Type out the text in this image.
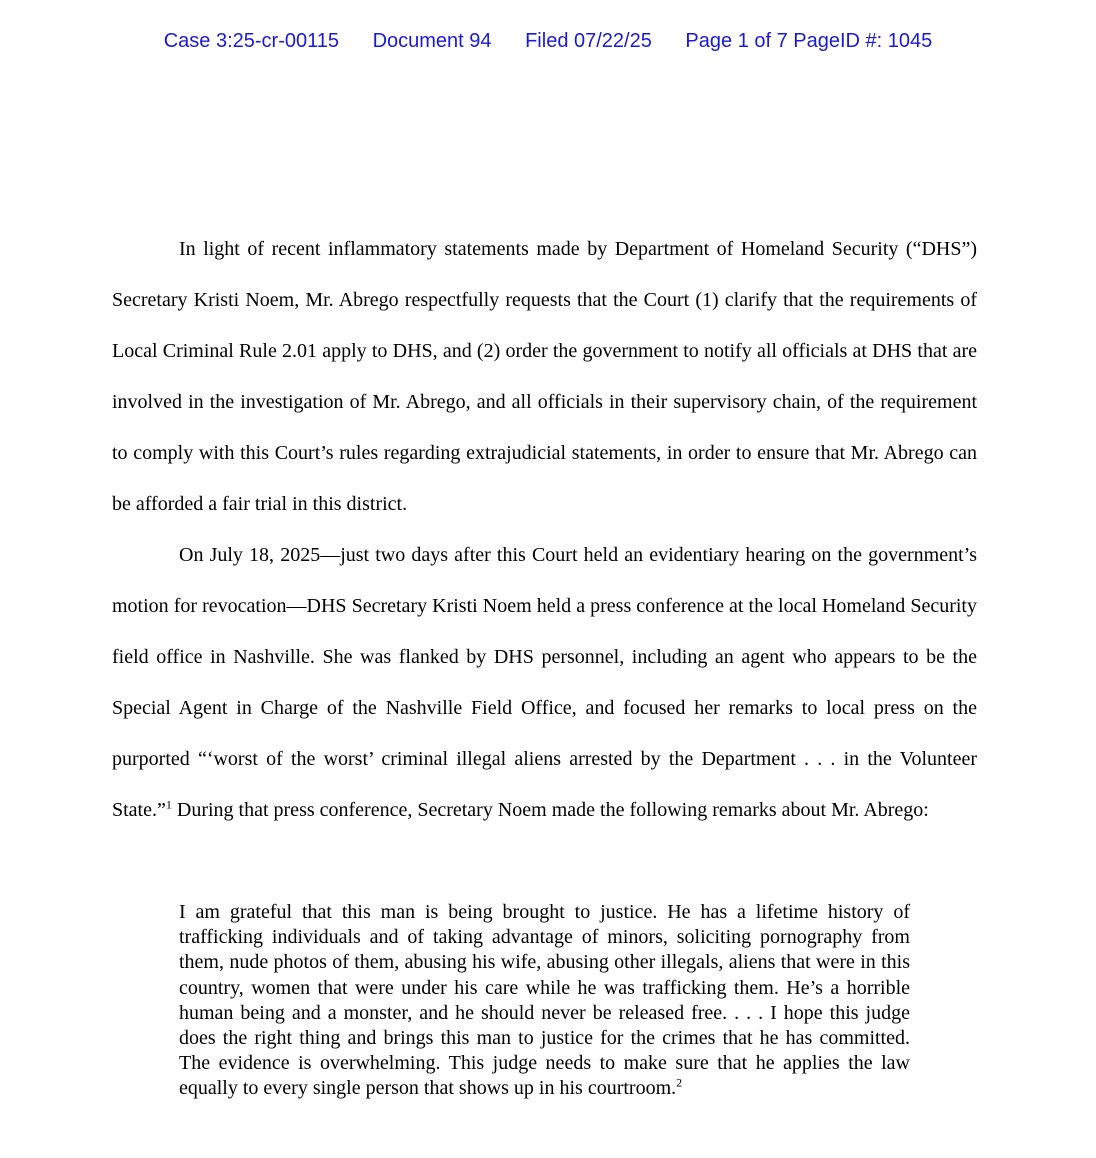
Case 3:25-cr-00115 Document 94 Filed 07/22/25 Page 1 of 7 PageID #: 1045

In light of recent inflammatory statements made by Department of Homeland Security (“DHS”) Secretary Kristi Noem, Mr. Abrego respectfully requests that the Court (1) clarify that the requirements of Local Criminal Rule 2.01 apply to DHS, and (2) order the government to notify all officials at DHS that are involved in the investigation of Mr. Abrego, and all officials in their supervisory chain, of the requirement to comply with this Court’s rules regarding extrajudicial statements, in order to ensure that Mr. Abrego can be afforded a fair trial in this district.

On July 18, 2025—just two days after this Court held an evidentiary hearing on the government’s motion for revocation—DHS Secretary Kristi Noem held a press conference at the local Homeland Security field office in Nashville. She was flanked by DHS personnel, including an agent who appears to be the Special Agent in Charge of the Nashville Field Office, and focused her remarks to local press on the purported “‘worst of the worst’ criminal illegal aliens arrested by the Department . . . in the Volunteer State.”$^1$ During that press conference, Secretary Noem made the following remarks about Mr. Abrego:

I am grateful that this man is being brought to justice. He has a lifetime history of trafficking individuals and of taking advantage of minors, soliciting pornography from them, nude photos of them, abusing his wife, abusing other illegals, aliens that were in this country, women that were under his care while he was trafficking them. He’s a horrible human being and a monster, and he should never be released free. . . . I hope this judge does the right thing and brings this man to justice for the crimes that he has committed. The evidence is overwhelming. This judge needs to make sure that he applies the law equally to every single person that shows up in his courtroom.$^2$
